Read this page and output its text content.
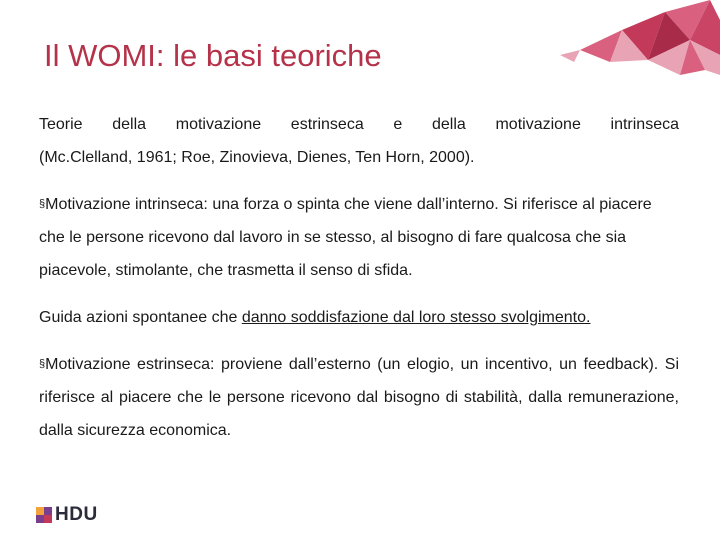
Il WOMI: le basi teoriche

Teorie della motivazione estrinseca e della motivazione intrinseca

(Mc.Clelland, 1961; Roe, Zinovieva, Dienes, Ten Horn, 2000).

§Motivazione intrinseca: una forza o spinta che viene dall’interno. Si riferisce al piacere che le persone ricevono dal lavoro in se stesso, al bisogno di fare qualcosa che sia piacevole, stimolante, che trasmetta il senso di sfida.

Guida azioni spontanee che danno soddisfazione dal loro stesso svolgimento.

§Motivazione estrinseca: proviene dall’esterno (un elogio, un incentivo, un feedback). Si riferisce al piacere che le persone ricevono dal bisogno di stabilità, dalla remunerazione, dalla sicurezza economica.

HDU
